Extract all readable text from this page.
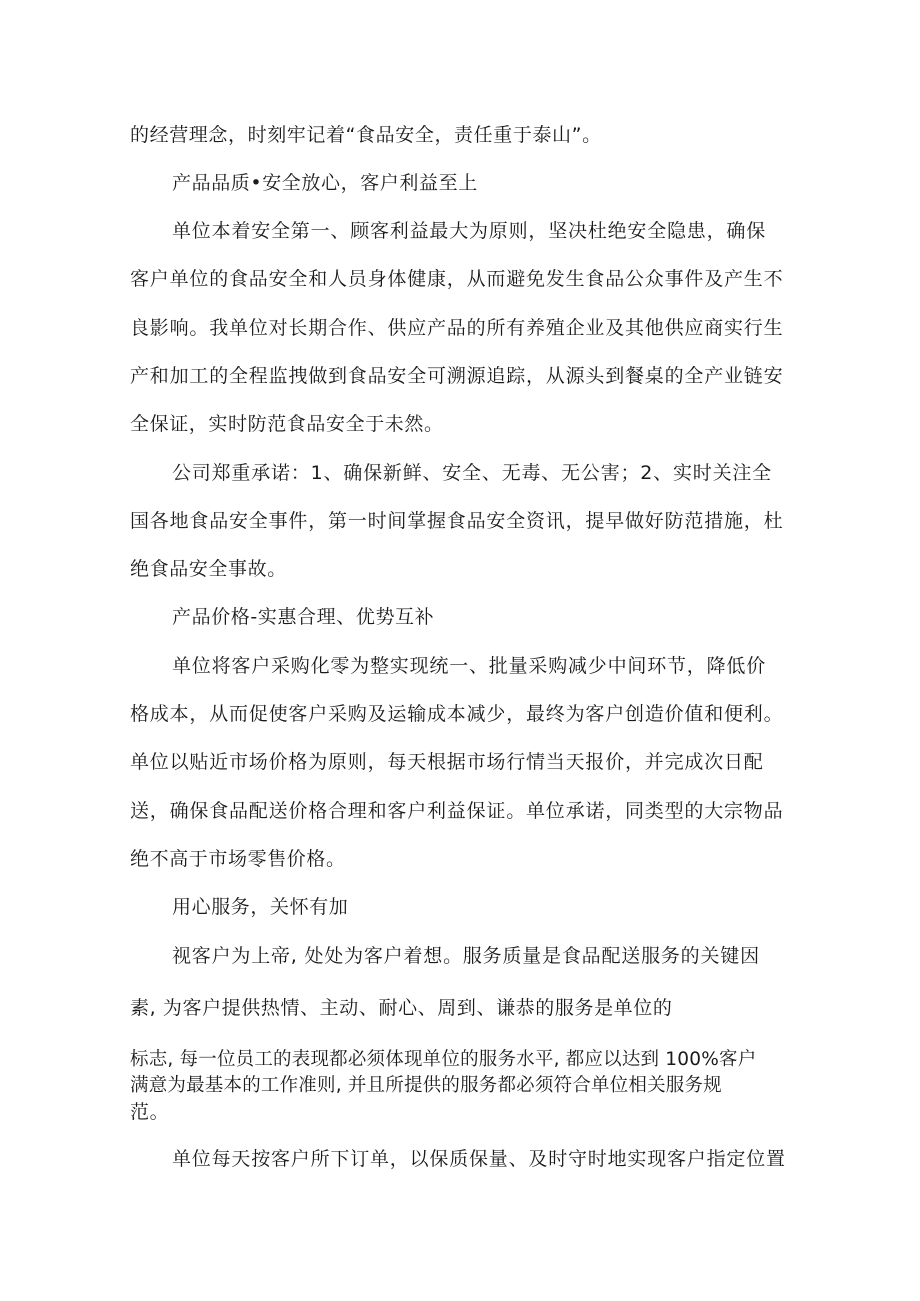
的经营理念，时刻牢记着“食品安全，责任重于泰山”。
产品品质•安全放心，客户利益至上
单位本着安全第一、顾客利益最大为原则，坚决杜绝安全隐患，确保
客户单位的食品安全和人员身体健康，从而避免发生食品公众事件及产生不
良影响。我单位对长期合作、供应产品的所有养殖企业及其他供应商实行生
产和加工的全程监拽做到食品安全可溯源追踪，从源头到餐桌的全产业链安
全保证，实时防范食品安全于未然。
公司郑重承诺：1、确保新鲜、安全、无毒、无公害；2、实时关注全
国各地食品安全事件，第一时间掌握食品安全资讯，提早做好防范措施，杜
绝食品安全事故。
产品价格-实惠合理、优势互补
单位将客户采购化零为整实现统一、批量采购减少中间环节，降低价
格成本，从而促使客户采购及运输成本减少，最终为客户创造价值和便利。
单位以贴近市场价格为原则，每天根据市场行情当天报价，并完成次日配
送，确保食品配送价格合理和客户利益保证。单位承诺，同类型的大宗物品
绝不高于市场零售价格。
用心服务，关怀有加
视客户为上帝, 处处为客户着想。服务质量是食品配送服务的关键因
素, 为客户提供热情、主动、耐心、周到、谦恭的服务是单位的
标志, 每一位员工的表现都必须体现单位的服务水平, 都应以达到 100%客户
满意为最基本的工作准则, 并且所提供的服务都必须符合单位相关服务规
范。
单位每天按客户所下订单，以保质保量、及时守时地实现客户指定位置
